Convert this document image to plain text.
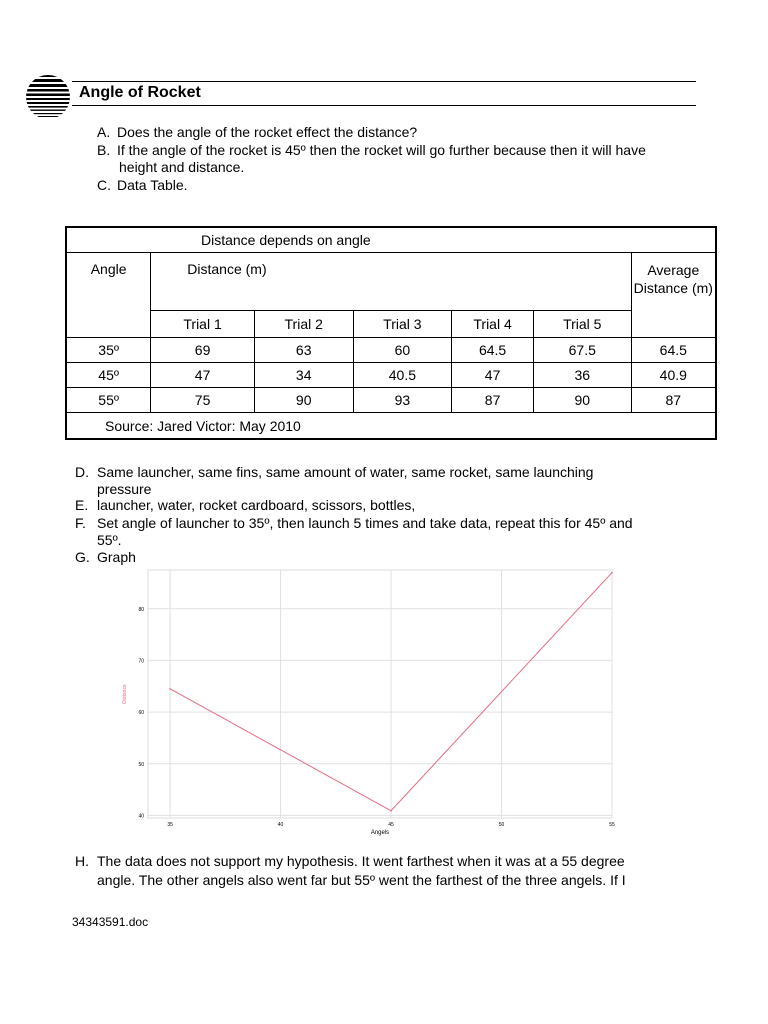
Angle of Rocket
A. Does the angle of the rocket effect the distance?
B. If the angle of the rocket is 45º then the rocket will go further because then it will have
height and distance.
C. Data Table.
Distance depends on angle						
Angle	Distance (m)					Average Distance (m)
	Trial 1	Trial 2	Trial 3	Trial 4	Trial 5	
35º	69	63	60	64.5	67.5	64.5
45º	47	34	40.5	47	36	40.9
55º	75	90	93	87	90	87
Source: Jared Victor: May 2010						
D. Same launcher, same fins, same amount of water, same rocket, same launching
pressure
E. launcher, water, rocket cardboard, scissors, bottles,
F. Set angle of launcher to 35º, then launch 5 times and take data, repeat this for 45º and
55º.
G. Graph
40
50
60
70
80
35	40	45	50	55
Angels
Distance
H. The data does not support my hypothesis. It went farthest when it was at a 55 degree
angle. The other angels also went far but 55º went the farthest of the three angels. If I
34343591.doc
